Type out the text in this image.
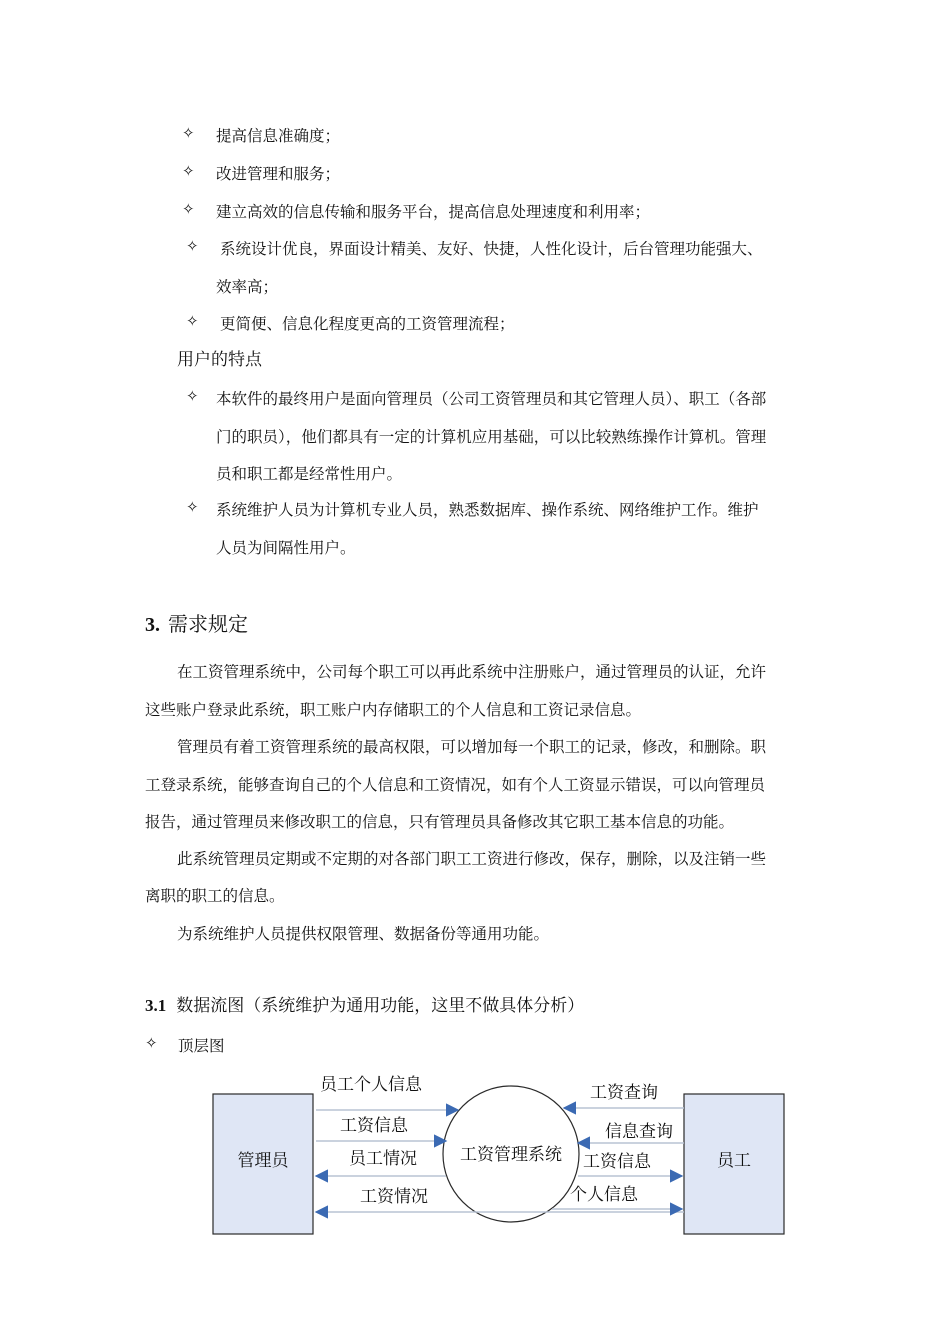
✧ 提高信息准确度；
✧ 改进管理和服务；
✧ 建立高效的信息传输和服务平台，提高信息处理速度和利用率；
✧ 系统设计优良，界面设计精美、友好、快捷，人性化设计，后台管理功能强大、
效率高；
✧ 更简便、信息化程度更高的工资管理流程；
用户的特点
✧ 本软件的最终用户是面向管理员（公司工资管理员和其它管理人员）、职工（各部
门的职员），他们都具有一定的计算机应用基础，可以比较熟练操作计算机。管理
员和职工都是经常性用户。
✧ 系统维护人员为计算机专业人员，熟悉数据库、操作系统、网络维护工作。维护
人员为间隔性用户。
3. 需求规定
在工资管理系统中，公司每个职工可以再此系统中注册账户，通过管理员的认证，允许
这些账户登录此系统，职工账户内存储职工的个人信息和工资记录信息。
管理员有着工资管理系统的最高权限，可以增加每一个职工的记录，修改，和删除。职
工登录系统，能够查询自己的个人信息和工资情况，如有个人工资显示错误，可以向管理员
报告，通过管理员来修改职工的信息，只有管理员具备修改其它职工基本信息的功能。
此系统管理员定期或不定期的对各部门职工工资进行修改，保存，删除，以及注销一些
离职的职工的信息。
为系统维护人员提供权限管理、数据备份等通用功能。
3.1 数据流图（系统维护为通用功能，这里不做具体分析）
✧ 顶层图
管理员	员工
工资管理系统
员工个人信息
工资信息
员工情况
工资情况
工资查询
信息查询
工资信息
个人信息
